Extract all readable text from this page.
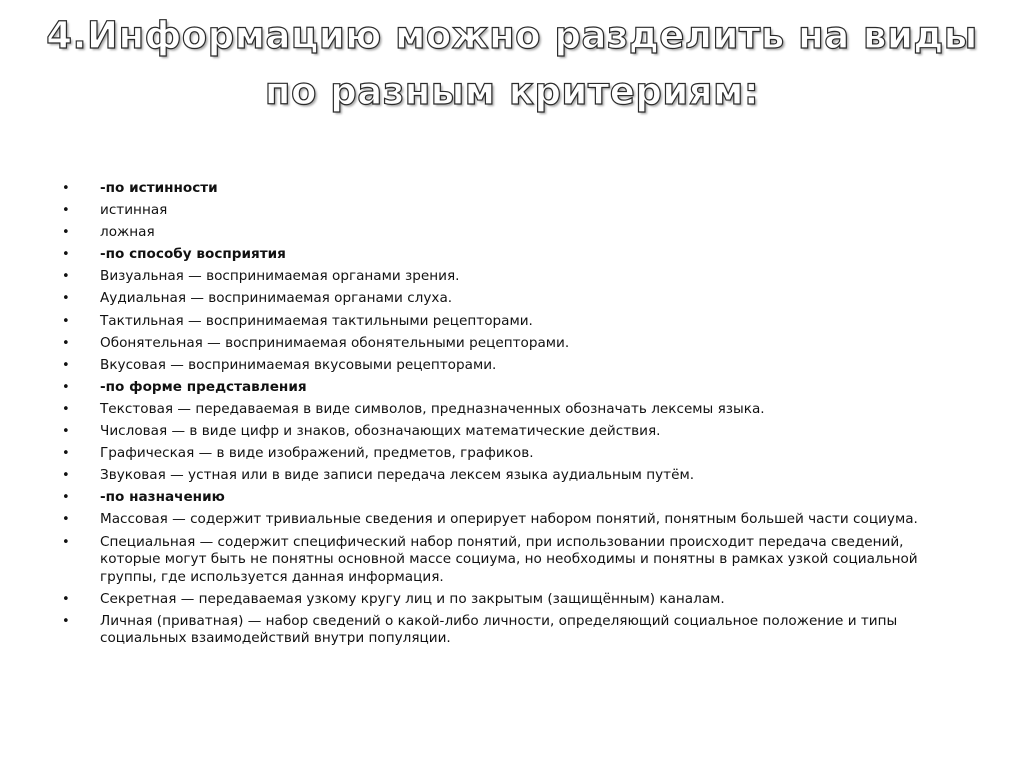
4.Информацию можно разделить на виды
по разным критериям:
• -по истинности
• истинная
• ложная
• -по способу восприятия
• Визуальная — воспринимаемая органами зрения.
• Аудиальная — воспринимаемая органами слуха.
• Тактильная — воспринимаемая тактильными рецепторами.
• Обонятельная — воспринимаемая обонятельными рецепторами.
• Вкусовая — воспринимаемая вкусовыми рецепторами.
• -по форме представления
• Текстовая — передаваемая в виде символов, предназначенных обозначать лексемы языка.
• Числовая — в виде цифр и знаков, обозначающих математические действия.
• Графическая — в виде изображений, предметов, графиков.
• Звуковая — устная или в виде записи передача лексем языка аудиальным путём.
• -по назначению
• Массовая — содержит тривиальные сведения и оперирует набором понятий, понятным большей части социума.
• Специальная — содержит специфический набор понятий, при использовании происходит передача сведений, которые могут быть не понятны основной массе социума, но необходимы и понятны в рамках узкой социальной группы, где используется данная информация.
• Секретная — передаваемая узкому кругу лиц и по закрытым (защищённым) каналам.
• Личная (приватная) — набор сведений о какой-либо личности, определяющий социальное положение и типы социальных взаимодействий внутри популяции.
